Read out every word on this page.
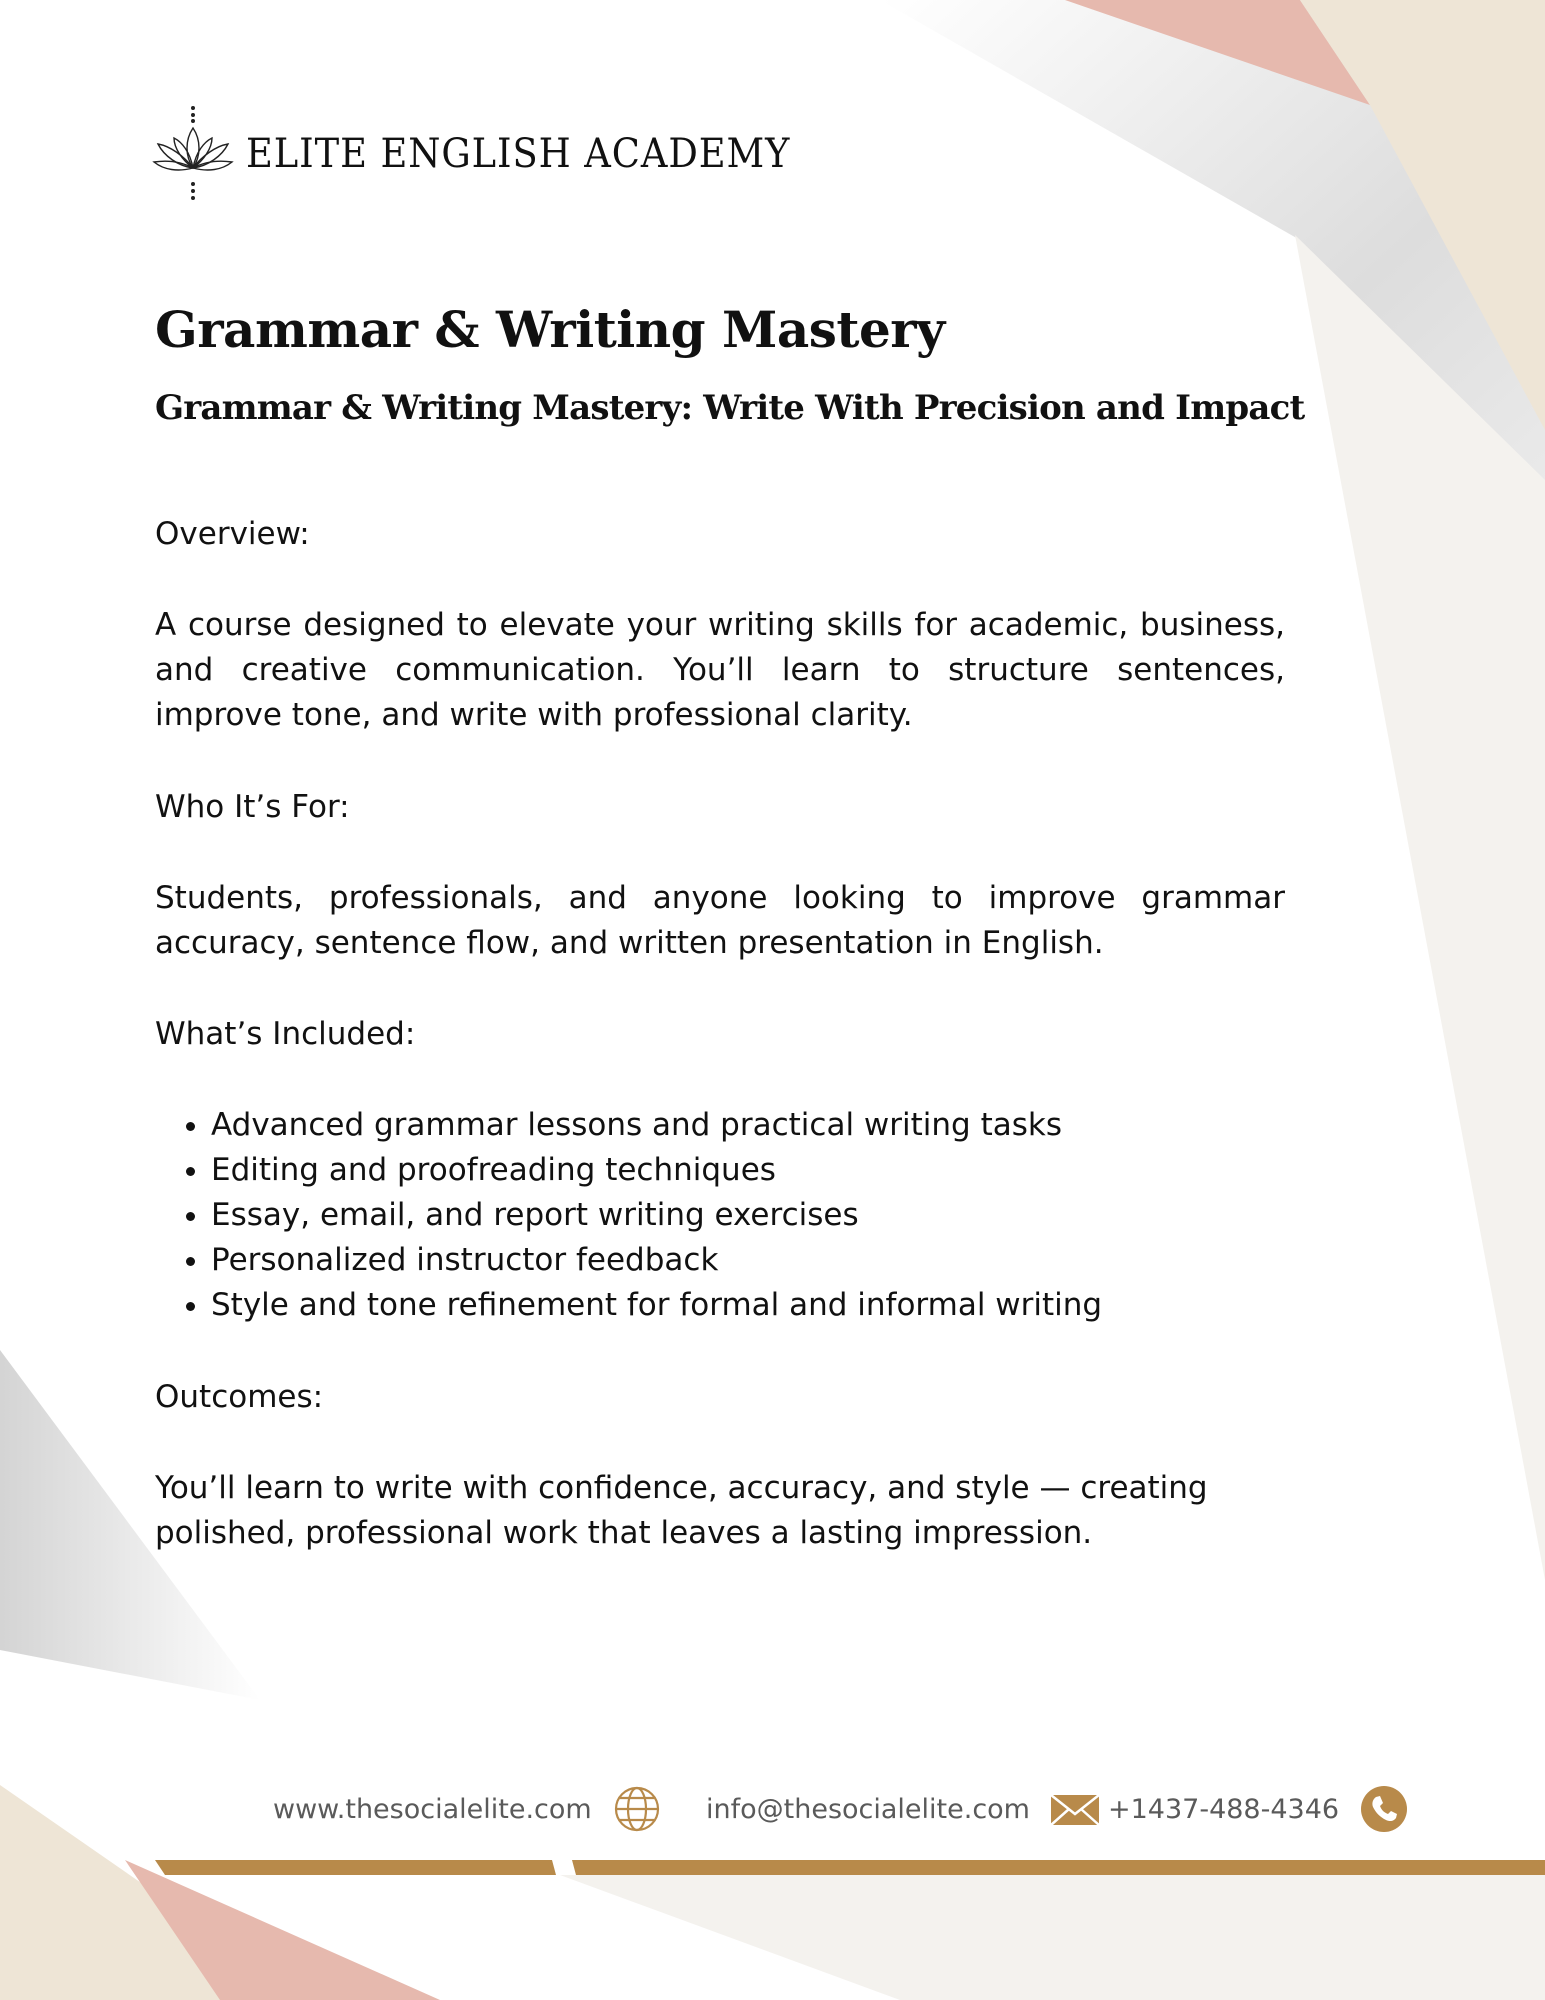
ELITE ENGLISH ACADEMY
Grammar & Writing Mastery
Grammar & Writing Mastery: Write With Precision and Impact

Overview:

A course designed to elevate your writing skills for academic, business, and creative communication. You’ll learn to structure sentences, improve tone, and write with professional clarity.

Who It’s For:

Students, professionals, and anyone looking to improve grammar accuracy, sentence flow, and written presentation in English.

What’s Included:

• Advanced grammar lessons and practical writing tasks
• Editing and proofreading techniques
• Essay, email, and report writing exercises
• Personalized instructor feedback
• Style and tone refinement for formal and informal writing

Outcomes:

You’ll learn to write with confidence, accuracy, and style — creating polished, professional work that leaves a lasting impression.

www.thesocialelite.com	info@thesocialelite.com	+1437-488-4346
